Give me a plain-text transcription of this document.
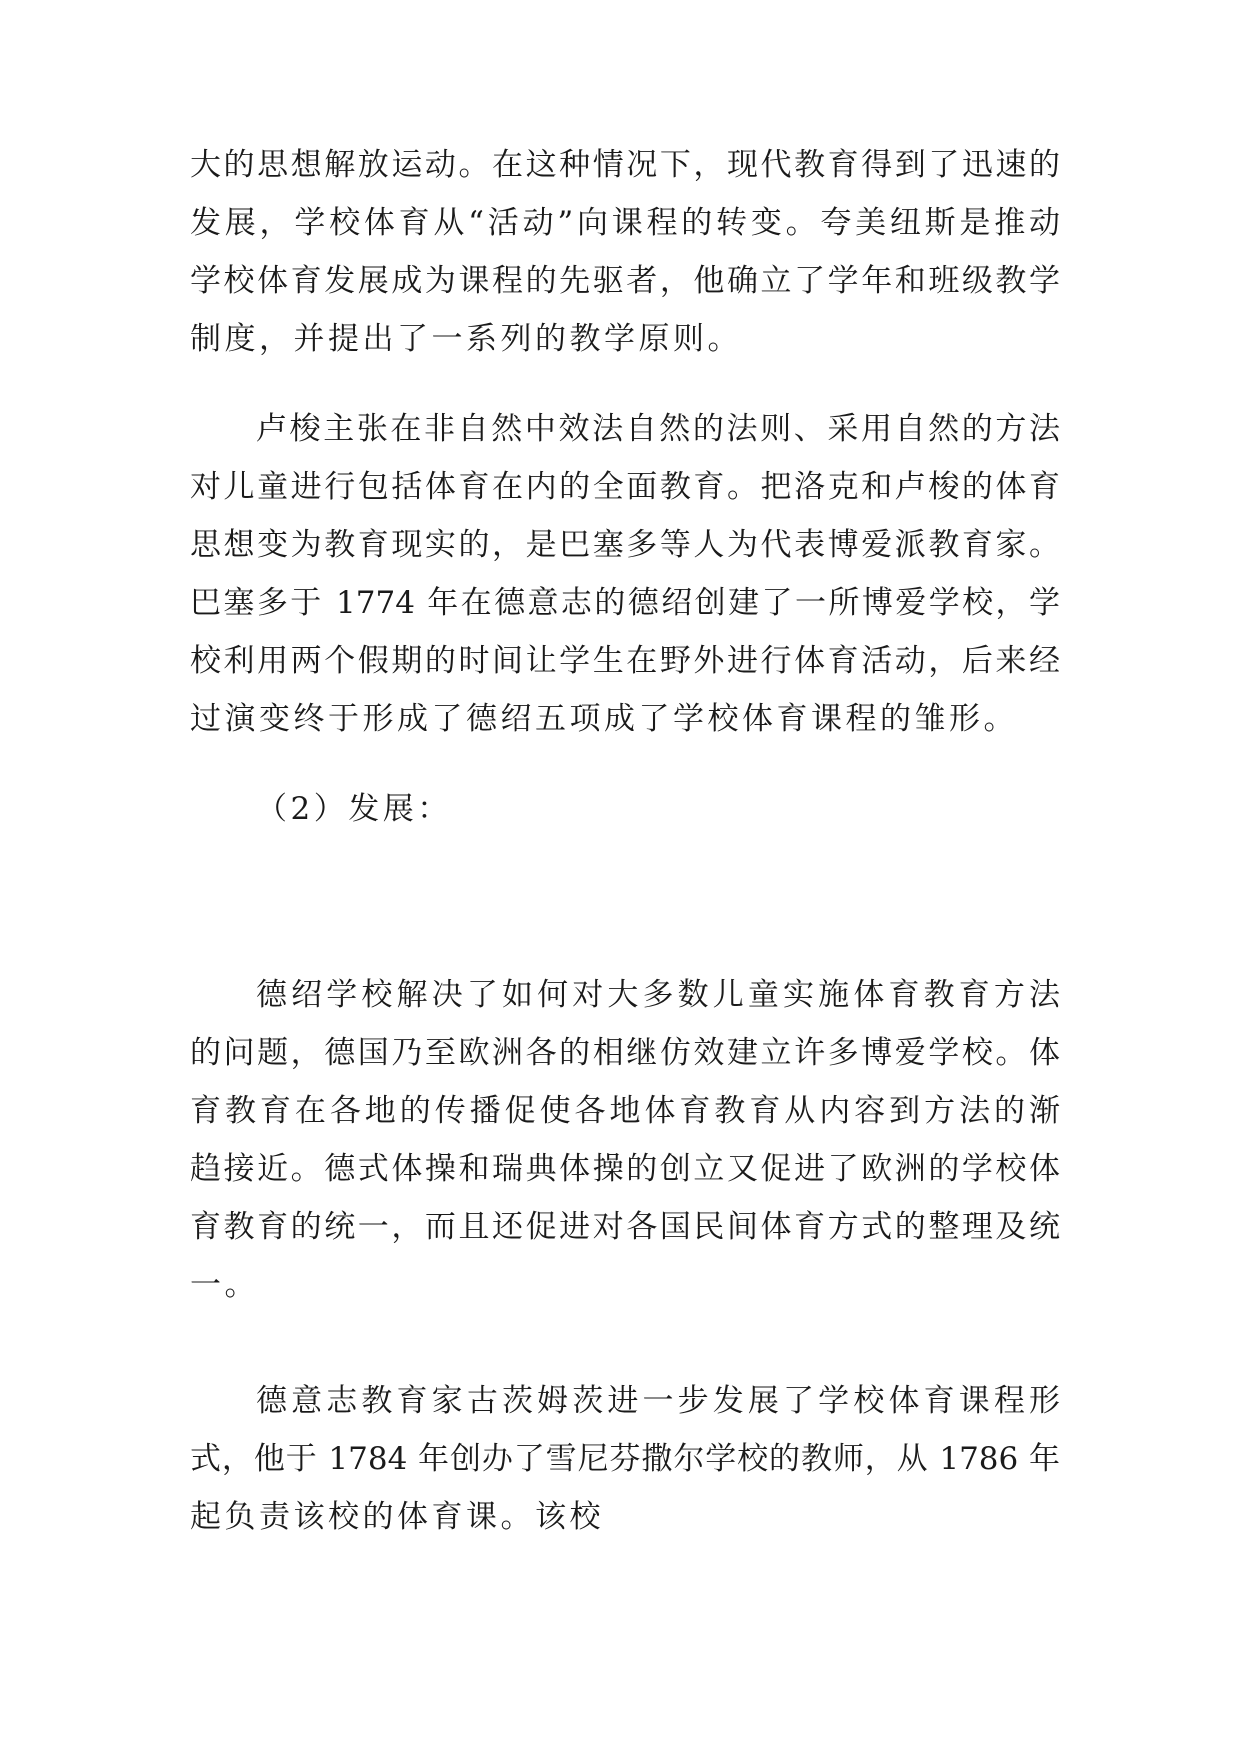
大的思想解放运动。在这种情况下，现代教育得到了迅速的
发展，学校体育从“活动”向课程的转变。夸美纽斯是推动
学校体育发展成为课程的先驱者，他确立了学年和班级教学
制度，并提出了一系列的教学原则。
卢梭主张在非自然中效法自然的法则、采用自然的方法
对儿童进行包括体育在内的全面教育。把洛克和卢梭的体育
思想变为教育现实的，是巴塞多等人为代表博爱派教育家。
巴塞多于 1774 年在德意志的德绍创建了一所博爱学校，学
校利用两个假期的时间让学生在野外进行体育活动，后来经
过演变终于形成了德绍五项成了学校体育课程的雏形。
（2）发展：
德绍学校解决了如何对大多数儿童实施体育教育方法
的问题，德国乃至欧洲各的相继仿效建立许多博爱学校。体
育教育在各地的传播促使各地体育教育从内容到方法的渐
趋接近。德式体操和瑞典体操的创立又促进了欧洲的学校体
育教育的统一，而且还促进对各国民间体育方式的整理及统
一。
德意志教育家古茨姆茨进一步发展了学校体育课程形
式，他于 1784 年创办了雪尼芬撒尔学校的教师，从 1786 年
起负责该校的体育课。该校
